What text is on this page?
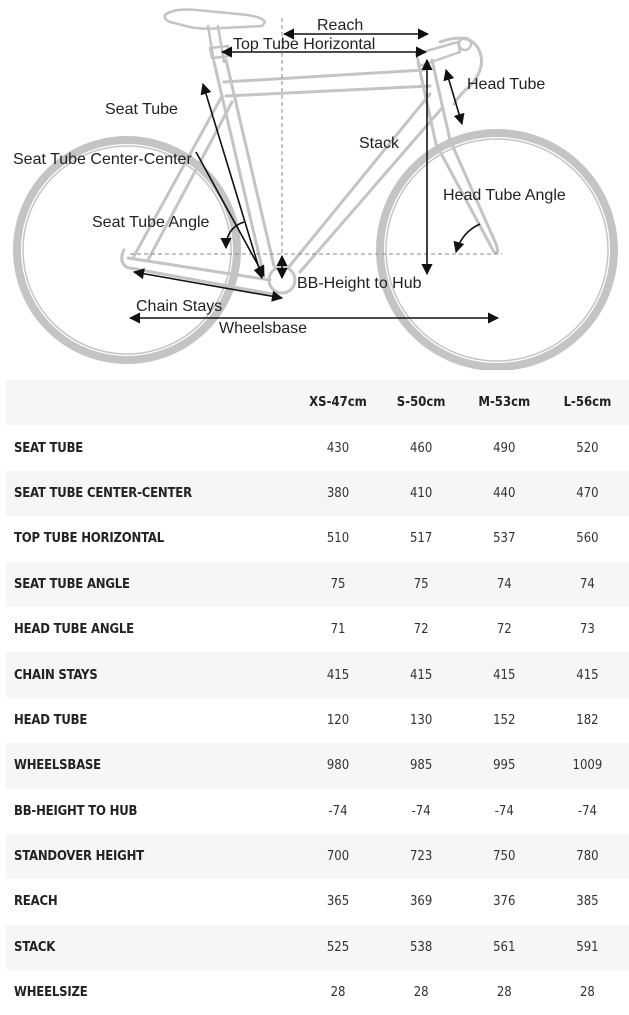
Reach
Top Tube Horizontal
Head Tube
Seat Tube
Stack
Seat Tube Center-Center
Head Tube Angle
Seat Tube Angle
BB-Height to Hub
Chain Stays
Wheelsbase
	XS-47cm	S-50cm	M-53cm	L-56cm
SEAT TUBE	430	460	490	520
SEAT TUBE CENTER-CENTER	380	410	440	470
TOP TUBE HORIZONTAL	510	517	537	560
SEAT TUBE ANGLE	75	75	74	74
HEAD TUBE ANGLE	71	72	72	73
CHAIN STAYS	415	415	415	415
HEAD TUBE	120	130	152	182
WHEELSBASE	980	985	995	1009
BB-HEIGHT TO HUB	-74	-74	-74	-74
STANDOVER HEIGHT	700	723	750	780
REACH	365	369	376	385
STACK	525	538	561	591
WHEELSIZE	28	28	28	28
